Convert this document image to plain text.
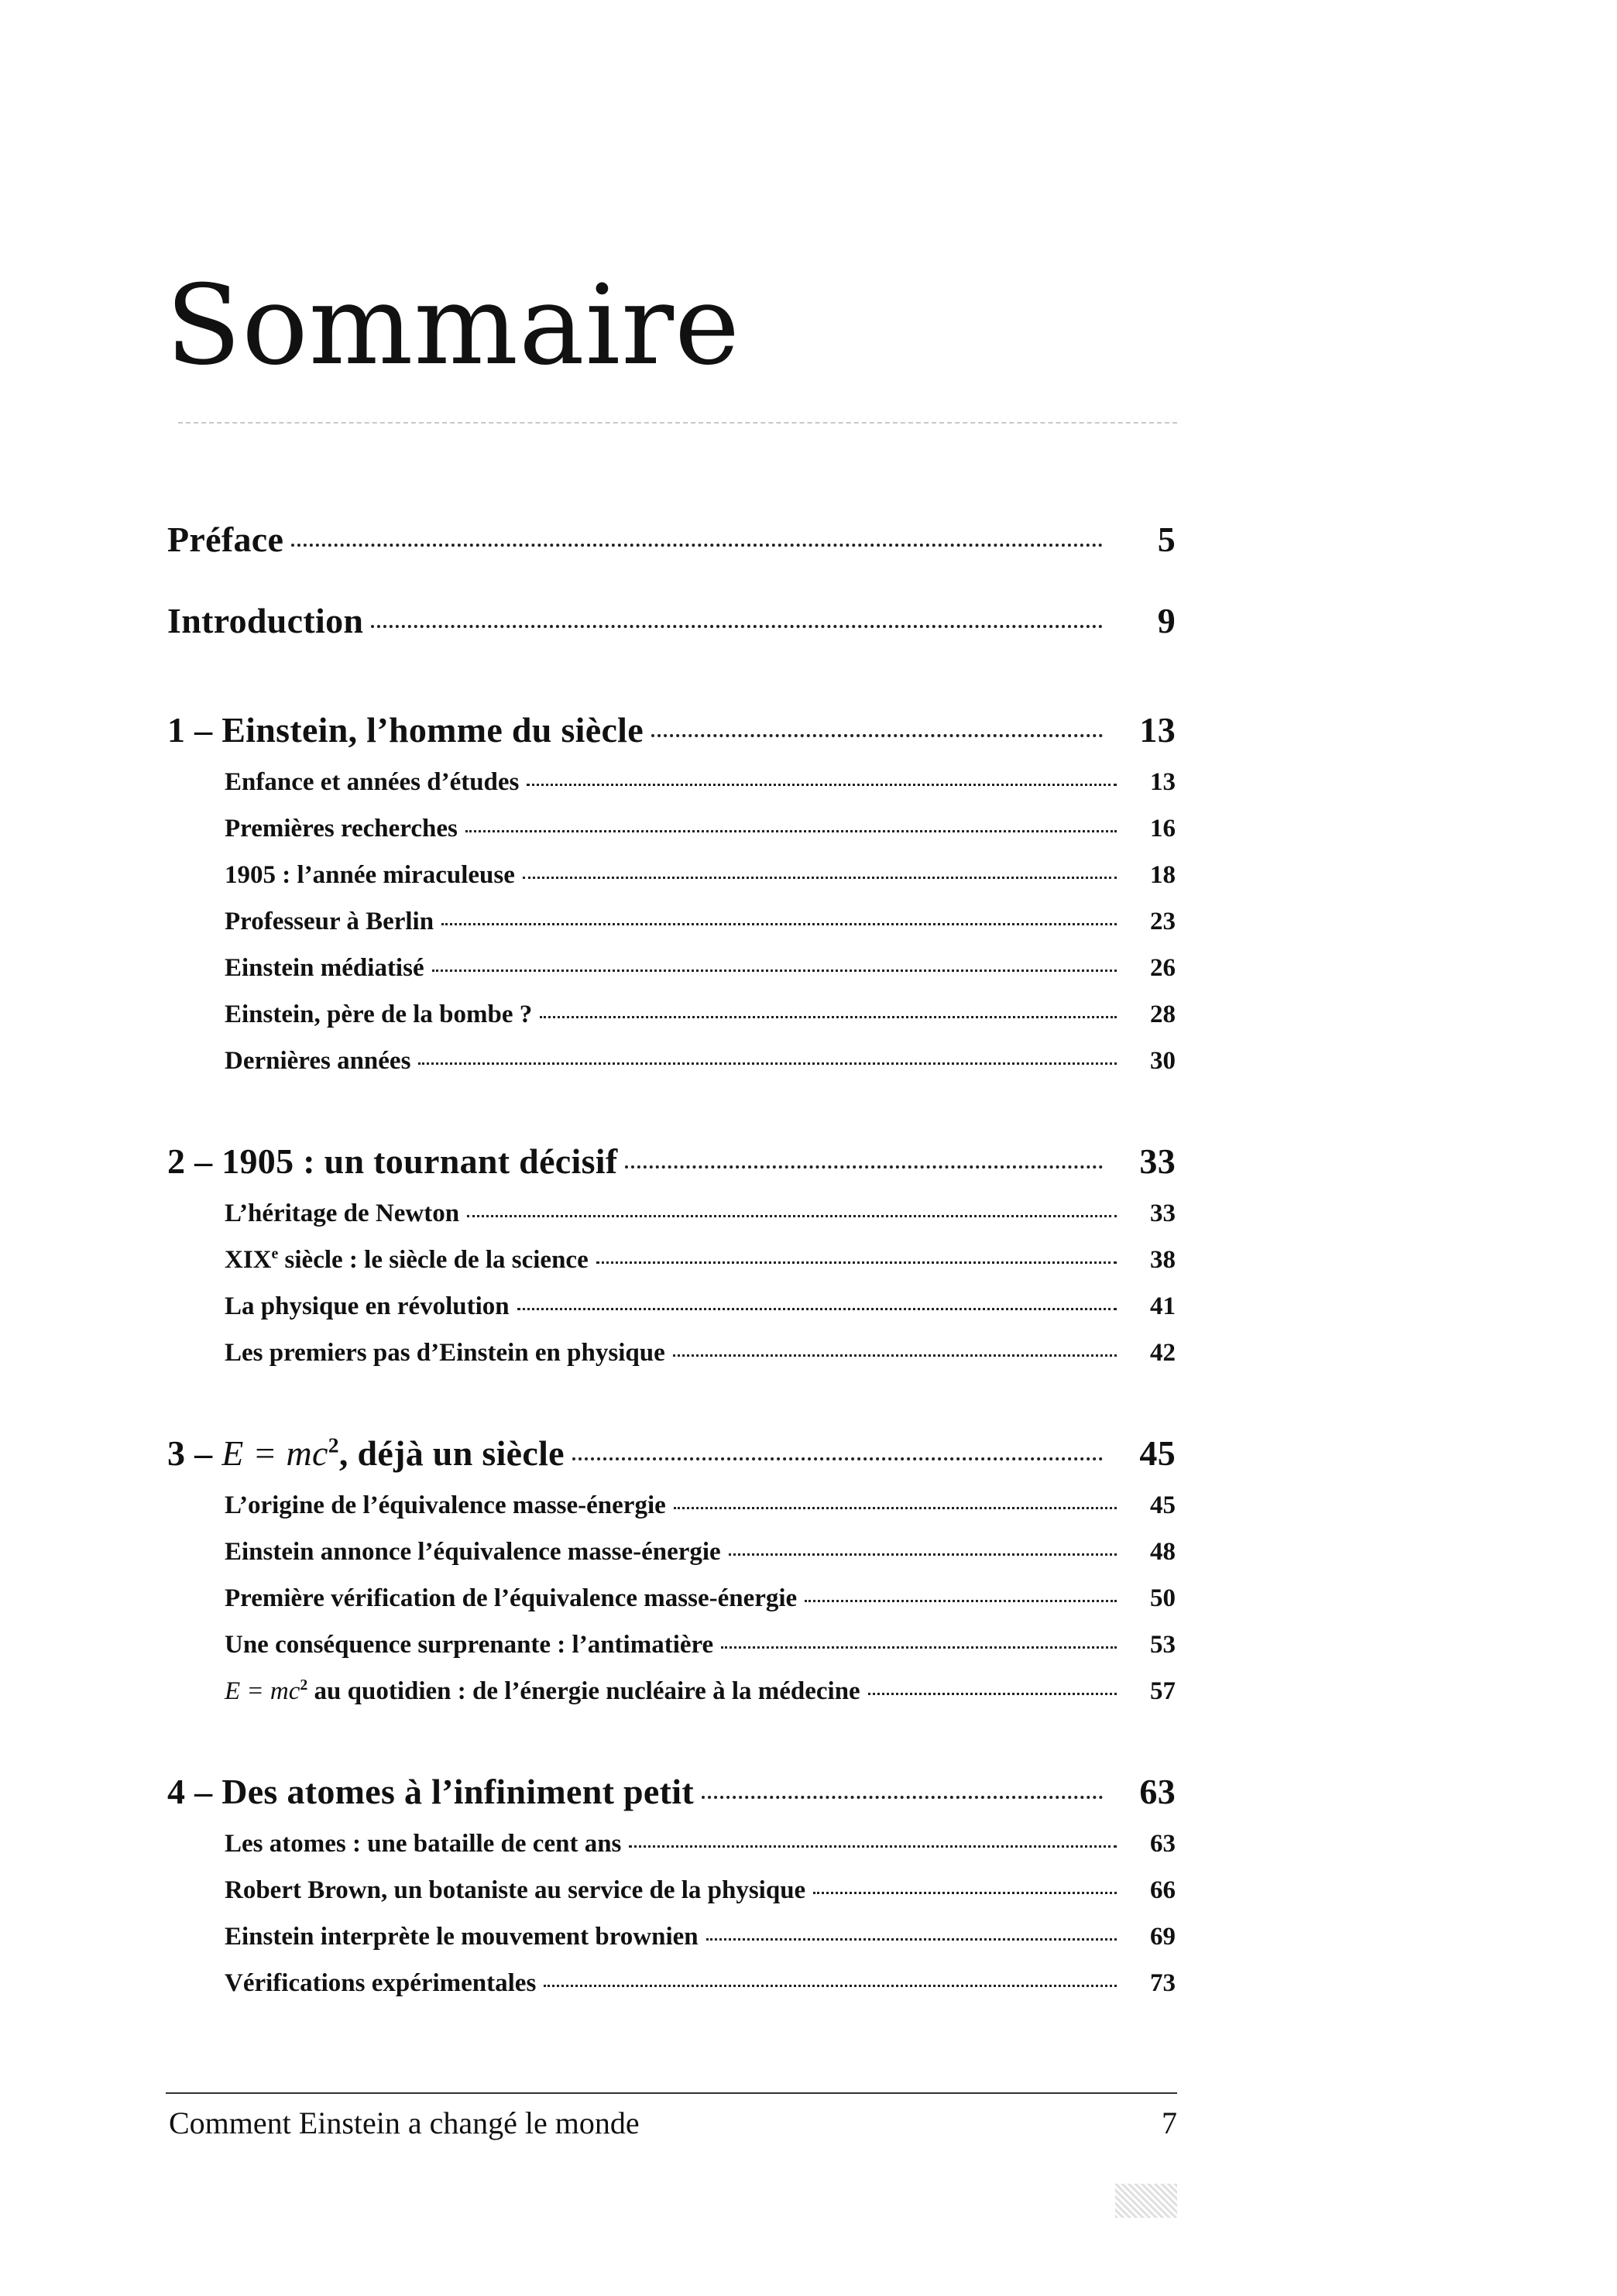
Sommaire
Préface	5
Introduction	9
1 – Einstein, l’homme du siècle	13
Enfance et années d’études	13
Premières recherches	16
1905 : l’année miraculeuse	18
Professeur à Berlin	23
Einstein médiatisé	26
Einstein, père de la bombe ?	28
Dernières années	30
2 – 1905 : un tournant décisif	33
L’héritage de Newton	33
XIXe siècle : le siècle de la science	38
La physique en révolution	41
Les premiers pas d’Einstein en physique	42
$3 - E = mc^2$, déjà un siècle	45
L’origine de l’équivalence masse-énergie	45
Einstein annonce l’équivalence masse-énergie	48
Première vérification de l’équivalence masse-énergie	50
Une conséquence surprenante : l’antimatière	53
$E = mc^2$ au quotidien : de l’énergie nucléaire à la médecine	57
4 – Des atomes à l’infiniment petit	63
Les atomes : une bataille de cent ans	63
Robert Brown, un botaniste au service de la physique	66
Einstein interprète le mouvement brownien	69
Vérifications expérimentales	73
Comment Einstein a changé le monde	7
